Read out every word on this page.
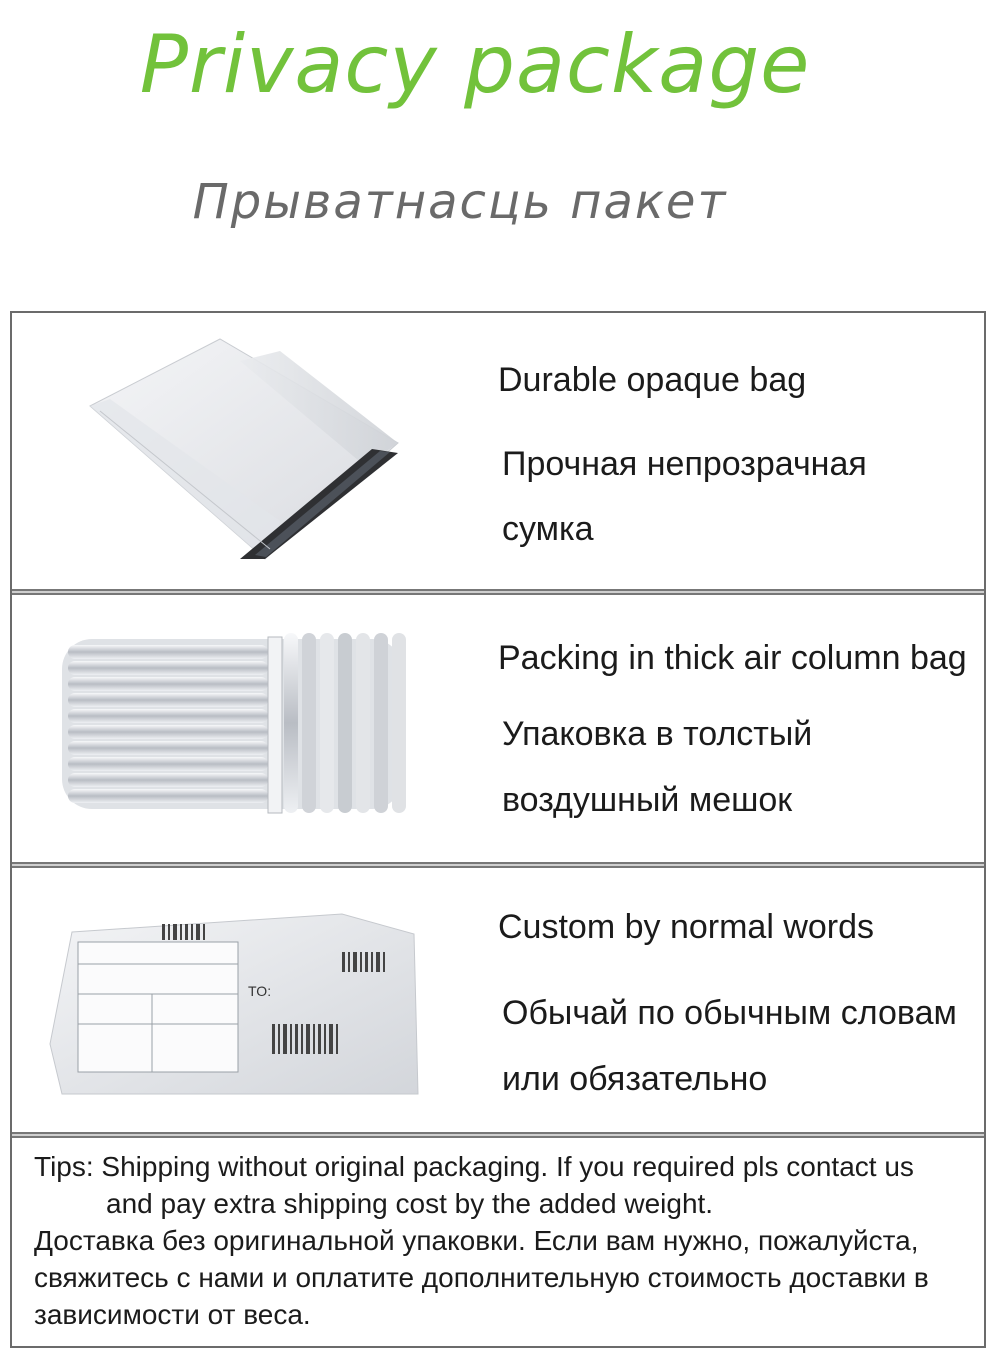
Privacy package
Прыватнасць пакет
Durable opaque bag
Прочная непрозрачная
сумка
Packing in thick air column bag
Упаковка в толстый
воздушный мешок
TO:
Custom by normal words
Обычай по обычным словам
или обязательно
Tips: Shipping without original packaging. If you required pls contact us
and pay extra shipping cost by the added weight.
Доставка без оригинальной упаковки. Если вам нужно, пожалуйста,
свяжитесь с нами и оплатите дополнительную стоимость доставки в
зависимости от веса.
